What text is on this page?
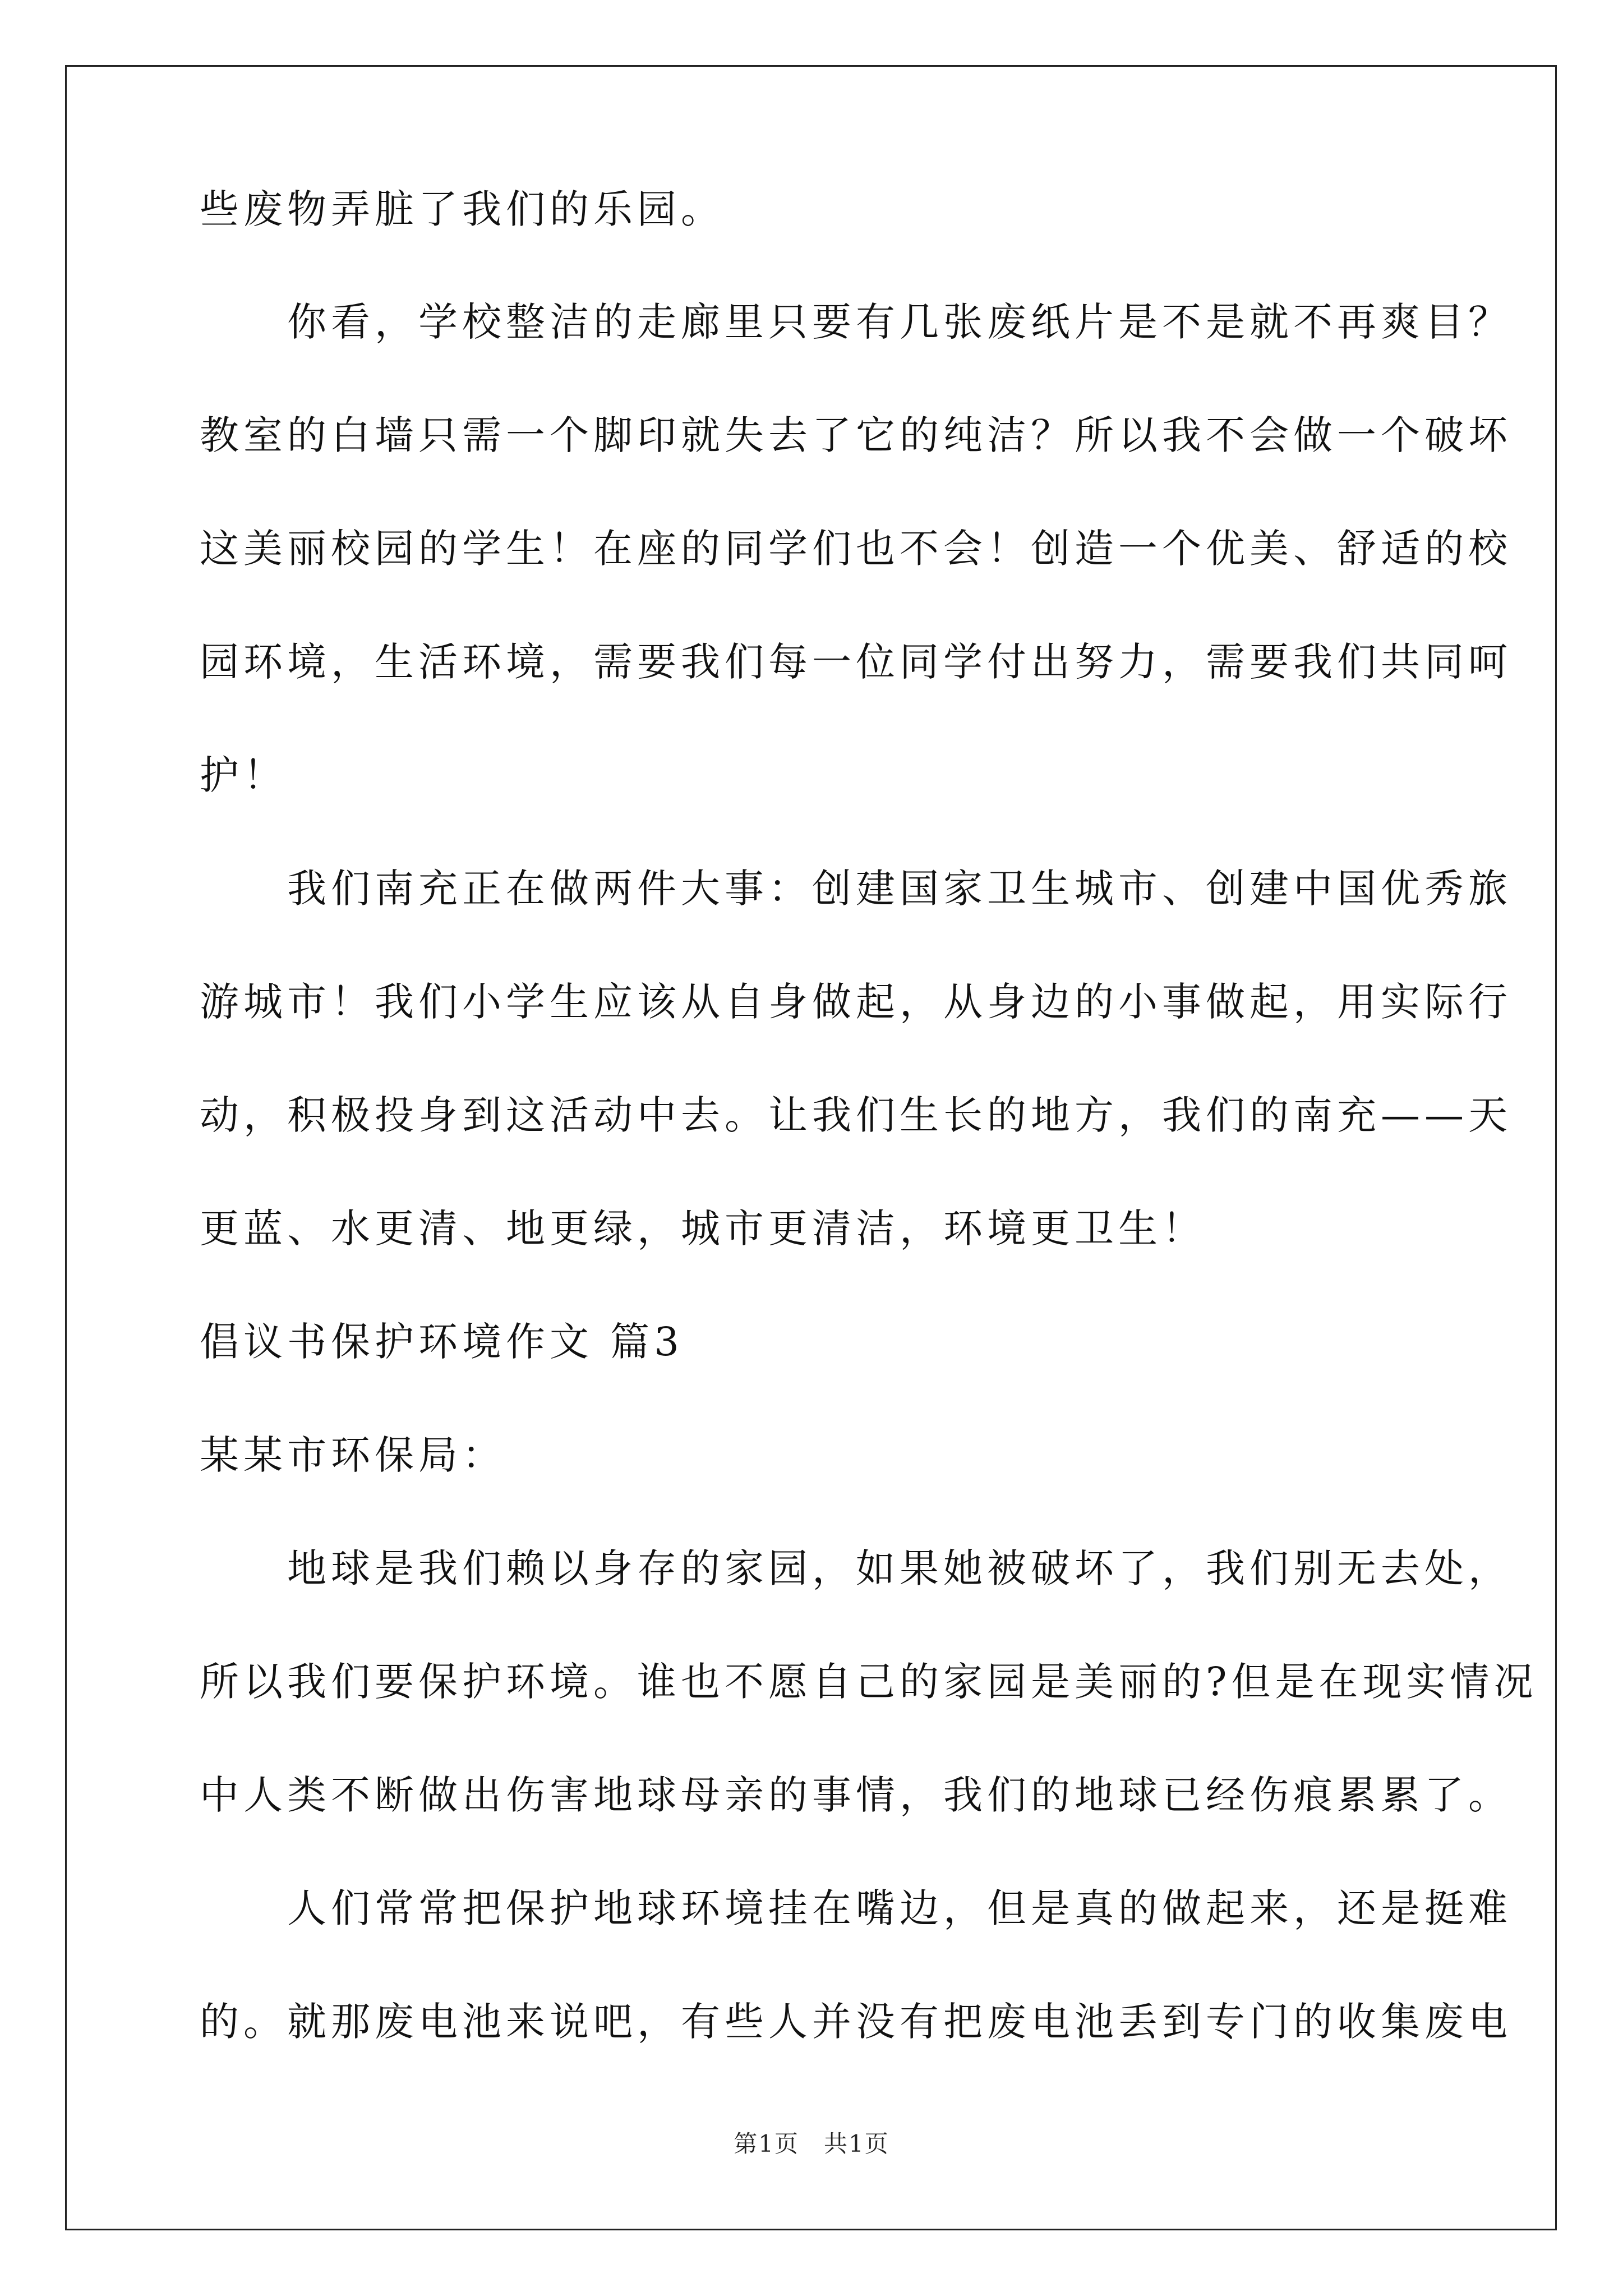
些废物弄脏了我们的乐园。
　　你看，学校整洁的走廊里只要有几张废纸片是不是就不再爽目？
教室的白墙只需一个脚印就失去了它的纯洁？所以我不会做一个破坏
这美丽校园的学生！在座的同学们也不会！创造一个优美、舒适的校
园环境，生活环境，需要我们每一位同学付出努力，需要我们共同呵
护！
　　我们南充正在做两件大事：创建国家卫生城市、创建中国优秀旅
游城市！我们小学生应该从自身做起，从身边的小事做起，用实际行
动，积极投身到这活动中去。让我们生长的地方，我们的南充——天
更蓝、水更清、地更绿，城市更清洁，环境更卫生！
倡议书保护环境作文 篇3
某某市环保局：
　　地球是我们赖以身存的家园，如果她被破坏了，我们别无去处，
所以我们要保护环境。谁也不愿自己的家园是美丽的?但是在现实情况
中人类不断做出伤害地球母亲的事情，我们的地球已经伤痕累累了。
　　人们常常把保护地球环境挂在嘴边，但是真的做起来，还是挺难
的。就那废电池来说吧，有些人并没有把废电池丢到专门的收集废电
第1页　共1页
